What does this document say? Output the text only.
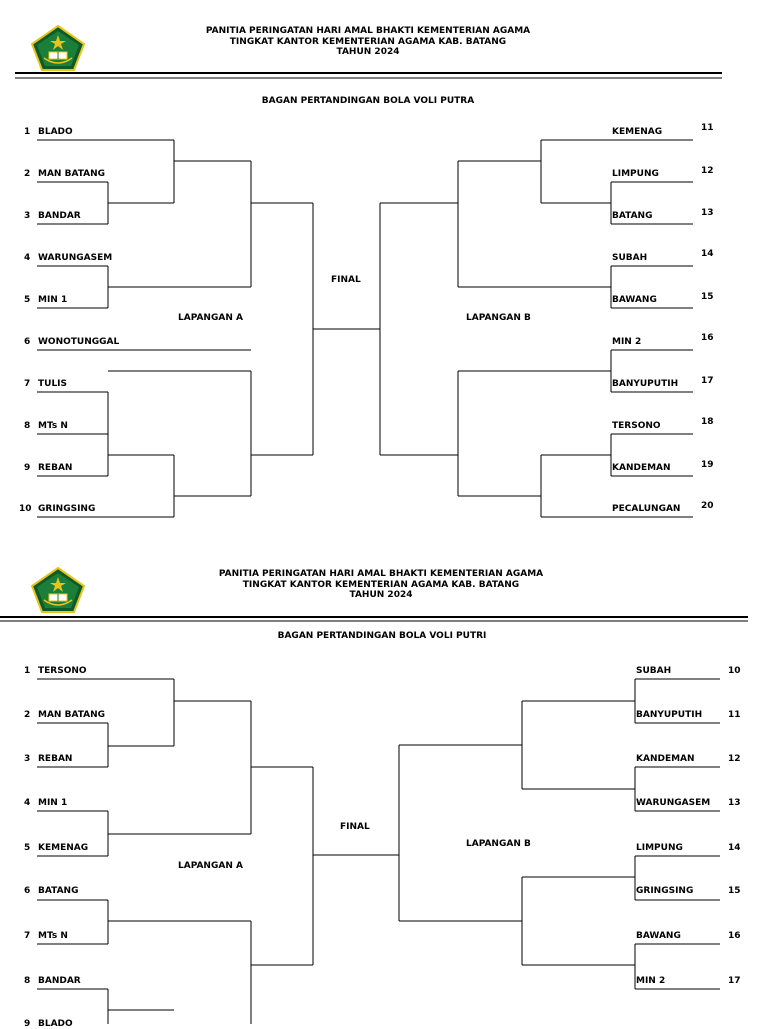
PANITIA PERINGATAN HARI AMAL BHAKTI KEMENTERIAN AGAMA
TINGKAT KANTOR KEMENTERIAN AGAMA KAB. BATANG
TAHUN 2024
BAGAN PERTANDINGAN BOLA VOLI PUTRA
1 BLADO
2 MAN BATANG
3 BANDAR
4 WARUNGASEM
5 MIN 1
6 WONOTUNGGAL
7 TULIS
8 MTs N
9 REBAN
10 GRINGSING
KEMENAG	11
LIMPUNG	12
BATANG	13
SUBAH	14
BAWANG	15
MIN 2	16
BANYUPUTIH	17
TERSONO	18
KANDEMAN	19
PECALUNGAN 20
FINAL
LAPANGAN A	LAPANGAN B
PANITIA PERINGATAN HARI AMAL BHAKTI KEMENTERIAN AGAMA
TINGKAT KANTOR KEMENTERIAN AGAMA KAB. BATANG
TAHUN 2024
BAGAN PERTANDINGAN BOLA VOLI PUTRI
1 TERSONO
2 MAN BATANG
3 REBAN
4 MIN 1
5 KEMENAG
6 BATANG
7 MTs N
8 BANDAR
9 BLADO
SUBAH	10
BANYUPUTIH	11
KANDEMAN	12
WARUNGASEM 13
LIMPUNG	14
GRINGSING	15
BAWANG	16
MIN 2	17
FINAL
LAPANGAN A
LAPANGAN B
